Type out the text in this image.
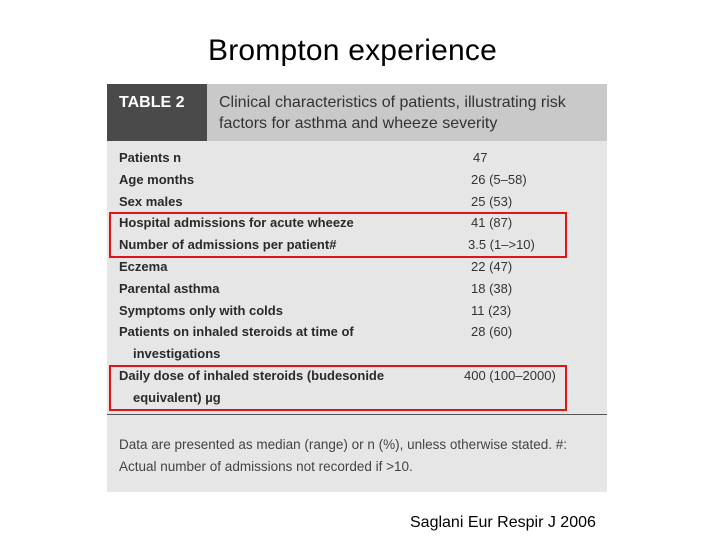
Brompton experience
TABLE 2	Clinical characteristics of patients, illustrating risk factors for asthma and wheeze severity
Patients n	47
Age months	26 (5–58)
Sex males	25 (53)
Hospital admissions for acute wheeze	41 (87)
Number of admissions per patient#	3.5 (1–>10)
Eczema	22 (47)
Parental asthma	18 (38)
Symptoms only with colds	11 (23)
Patients on inhaled steroids at time of	28 (60)
investigations
Daily dose of inhaled steroids (budesonide	400 (100–2000)
equivalent) µg
Data are presented as median (range) or n (%), unless otherwise stated. #: Actual number of admissions not recorded if >10.
Saglani Eur Respir J 2006
